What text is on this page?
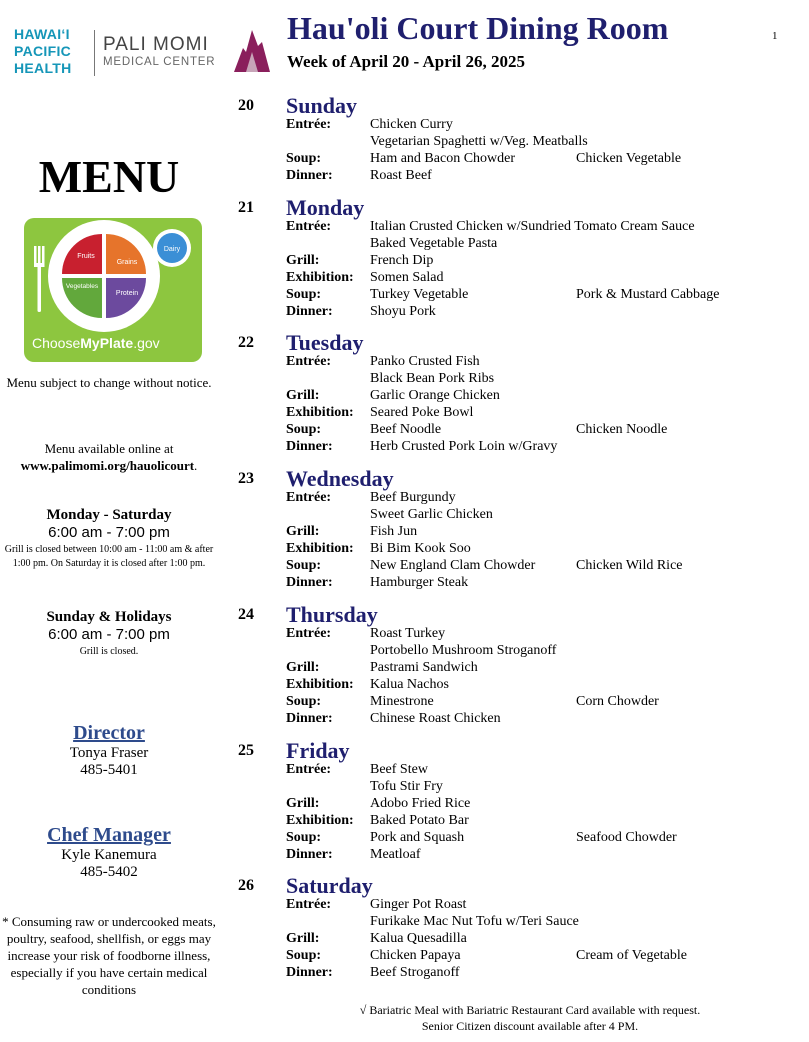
HAWAIʻI
PACIFIC
HEALTH
PALI MOMI
MEDICAL CENTER
Hau'oli Court Dining Room
Week of April 20 - April 26, 2025
1
MENU
Fruits
Grains
Vegetables
Protein
Dairy
ChooseMyPlate.gov
Menu subject to change without notice.
Menu available online at
www.palimomi.org/hauolicourt.
Monday - Saturday
6:00 am - 7:00 pm
Grill is closed between 10:00 am - 11:00 am & after 1:00 pm. On Saturday it is closed after 1:00 pm.
Sunday & Holidays
6:00 am - 7:00 pm
Grill is closed.
Director
Tonya Fraser
485-5401
Chef Manager
Kyle Kanemura
485-5402
* Consuming raw or undercooked meats, poultry, seafood, shellfish, or eggs may increase your risk of foodborne illness, especially if you have certain medical conditions
20 Sunday
Entrée:	Chicken Curry
Vegetarian Spaghetti w/Veg. Meatballs
Soup:	Ham and Bacon Chowder	Chicken Vegetable
Dinner:	Roast Beef
21 Monday
Entrée:	Italian Crusted Chicken w/Sundried Tomato Cream Sauce
Baked Vegetable Pasta
Grill:	French Dip
Exhibition: Somen Salad
Soup:	Turkey Vegetable	Pork & Mustard Cabbage
Dinner:	Shoyu Pork
22 Tuesday
Entrée:	Panko Crusted Fish
Black Bean Pork Ribs
Grill:	Garlic Orange Chicken
Exhibition: Seared Poke Bowl
Soup:	Beef Noodle	Chicken Noodle
Dinner:	Herb Crusted Pork Loin w/Gravy
23 Wednesday
Entrée:	Beef Burgundy
Sweet Garlic Chicken
Grill:	Fish Jun
Exhibition: Bi Bim Kook Soo
Soup:	New England Clam Chowder	Chicken Wild Rice
Dinner:	Hamburger Steak
24 Thursday
Entrée:	Roast Turkey
Portobello Mushroom Stroganoff
Grill:	Pastrami Sandwich
Exhibition: Kalua Nachos
Soup:	Minestrone	Corn Chowder
Dinner:	Chinese Roast Chicken
25 Friday
Entrée:	Beef Stew
Tofu Stir Fry
Grill:	Adobo Fried Rice
Exhibition: Baked Potato Bar
Soup:	Pork and Squash	Seafood Chowder
Dinner:	Meatloaf
26 Saturday
Entrée:	Ginger Pot Roast
Furikake Mac Nut Tofu w/Teri Sauce
Grill:	Kalua Quesadilla
Soup:	Chicken Papaya	Cream of Vegetable
Dinner:	Beef Stroganoff
√ Bariatric Meal with Bariatric Restaurant Card available with request.
Senior Citizen discount available after 4 PM.
